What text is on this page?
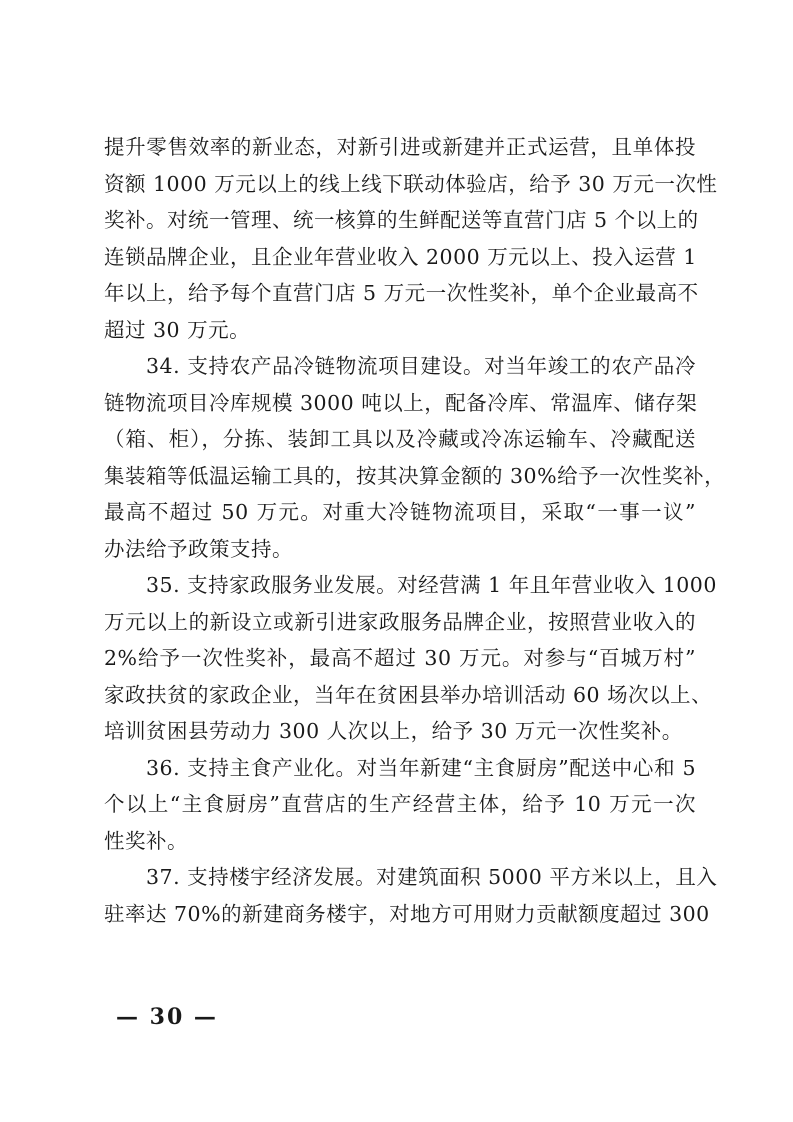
提升零售效率的新业态，对新引进或新建并正式运营，且单体投
资额 1000 万元以上的线上线下联动体验店，给予 30 万元一次性
奖补。对统一管理、统一核算的生鲜配送等直营门店 5 个以上的
连锁品牌企业，且企业年营业收入 2000 万元以上、投入运营 1
年以上，给予每个直营门店 5 万元一次性奖补，单个企业最高不
超过 30 万元。
34. 支持农产品冷链物流项目建设。对当年竣工的农产品冷
链物流项目冷库规模 3000 吨以上，配备冷库、常温库、储存架
（箱、柜），分拣、装卸工具以及冷藏或冷冻运输车、冷藏配送
集装箱等低温运输工具的，按其决算金额的 30%给予一次性奖补，
最高不超过 50 万元。对重大冷链物流项目，采取“一事一议”
办法给予政策支持。
35. 支持家政服务业发展。对经营满 1 年且年营业收入 1000
万元以上的新设立或新引进家政服务品牌企业，按照营业收入的
2%给予一次性奖补，最高不超过 30 万元。对参与“百城万村”
家政扶贫的家政企业，当年在贫困县举办培训活动 60 场次以上、
培训贫困县劳动力 300 人次以上，给予 30 万元一次性奖补。
36. 支持主食产业化。对当年新建“主食厨房”配送中心和 5
个以上“主食厨房”直营店的生产经营主体，给予 10 万元一次
性奖补。
37. 支持楼宇经济发展。对建筑面积 5000 平方米以上，且入
驻率达 70%的新建商务楼宇，对地方可用财力贡献额度超过 300
— 30 —
